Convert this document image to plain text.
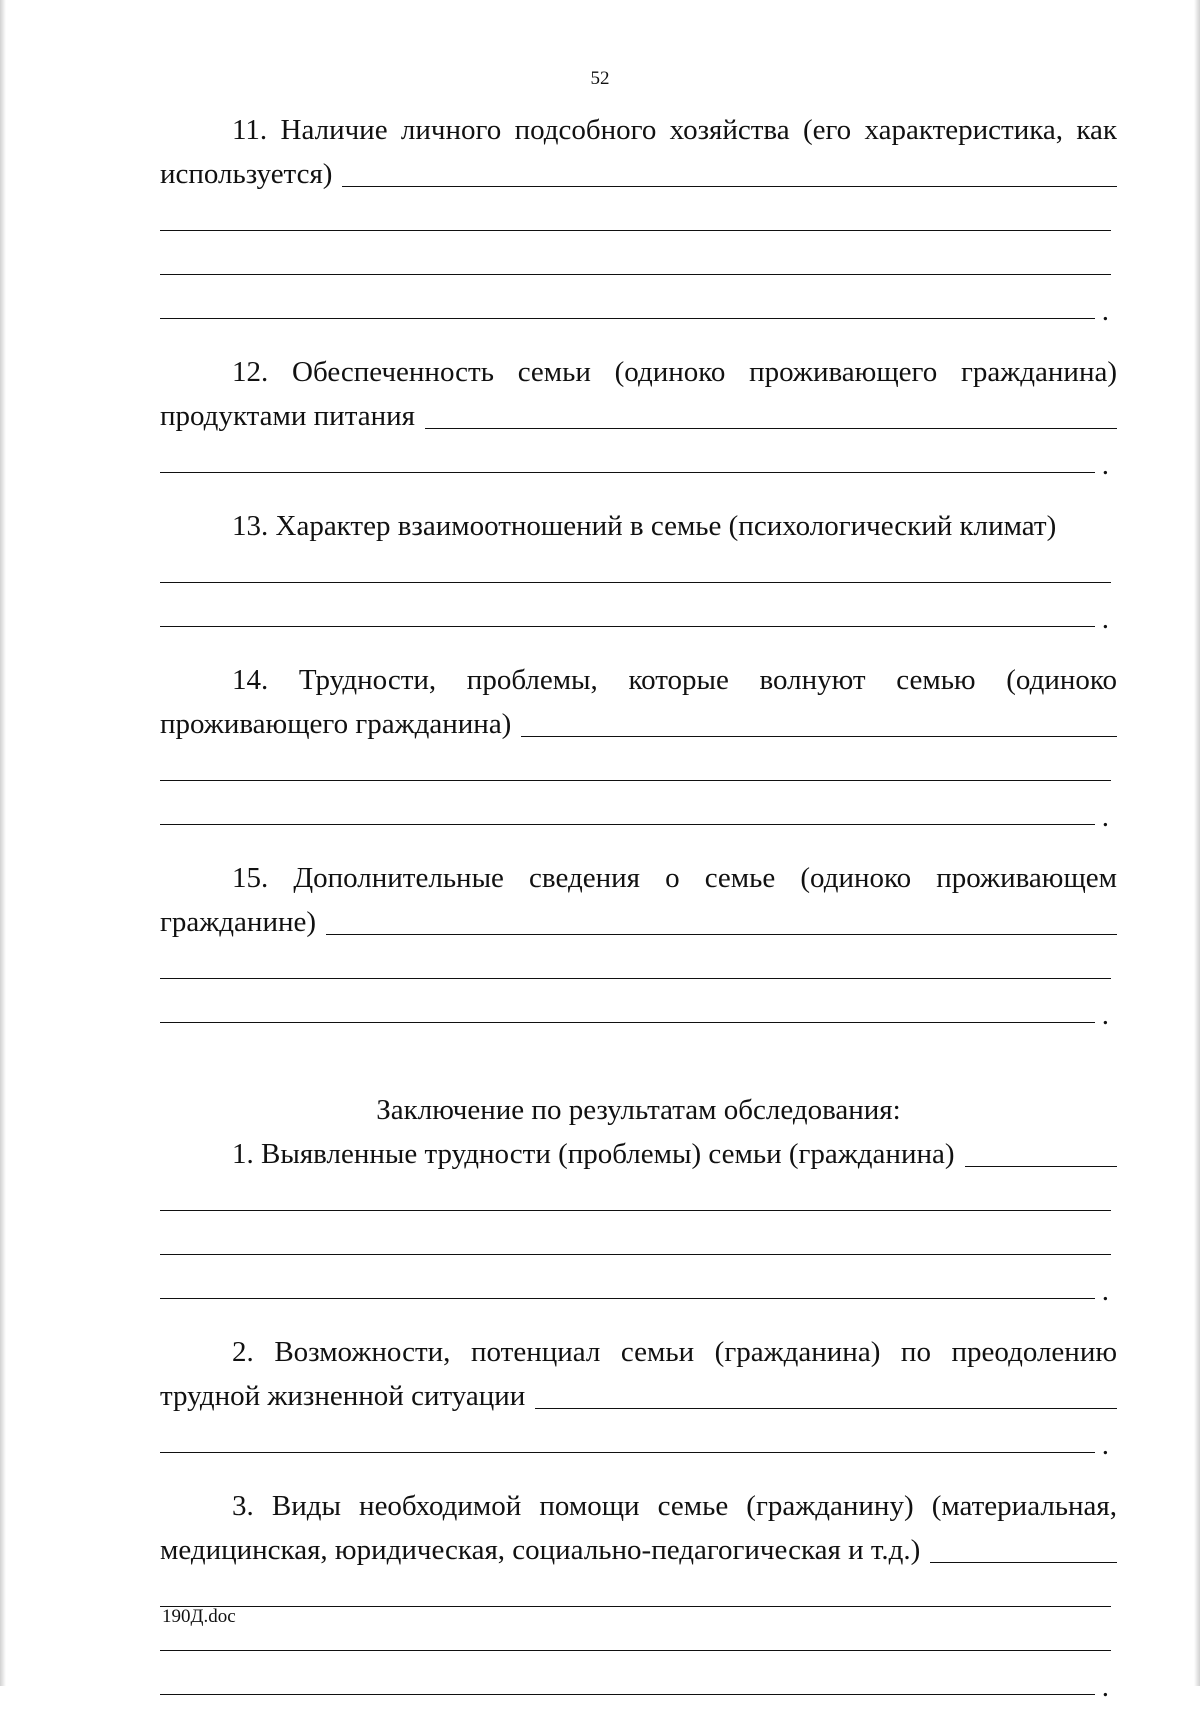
52
11. Наличие личного подсобного хозяйства (его характеристика, как
используется)
.
12. Обеспеченность семьи (одиноко проживающего гражданина)
продуктами питания
.
13. Характер взаимоотношений в семье (психологический климат)
.
14. Трудности, проблемы, которые волнуют семью (одиноко
проживающего гражданина)
.
15. Дополнительные сведения о семье (одиноко проживающем
гражданине)
.
Заключение по результатам обследования:
1. Выявленные трудности (проблемы) семьи (гражданина)
.
2. Возможности, потенциал семьи (гражданина) по преодолению
трудной жизненной ситуации
.
3. Виды необходимой помощи семье (гражданину) (материальная,
медицинская, юридическая, социально-педагогическая и т.д.)
.
190Д.doc
